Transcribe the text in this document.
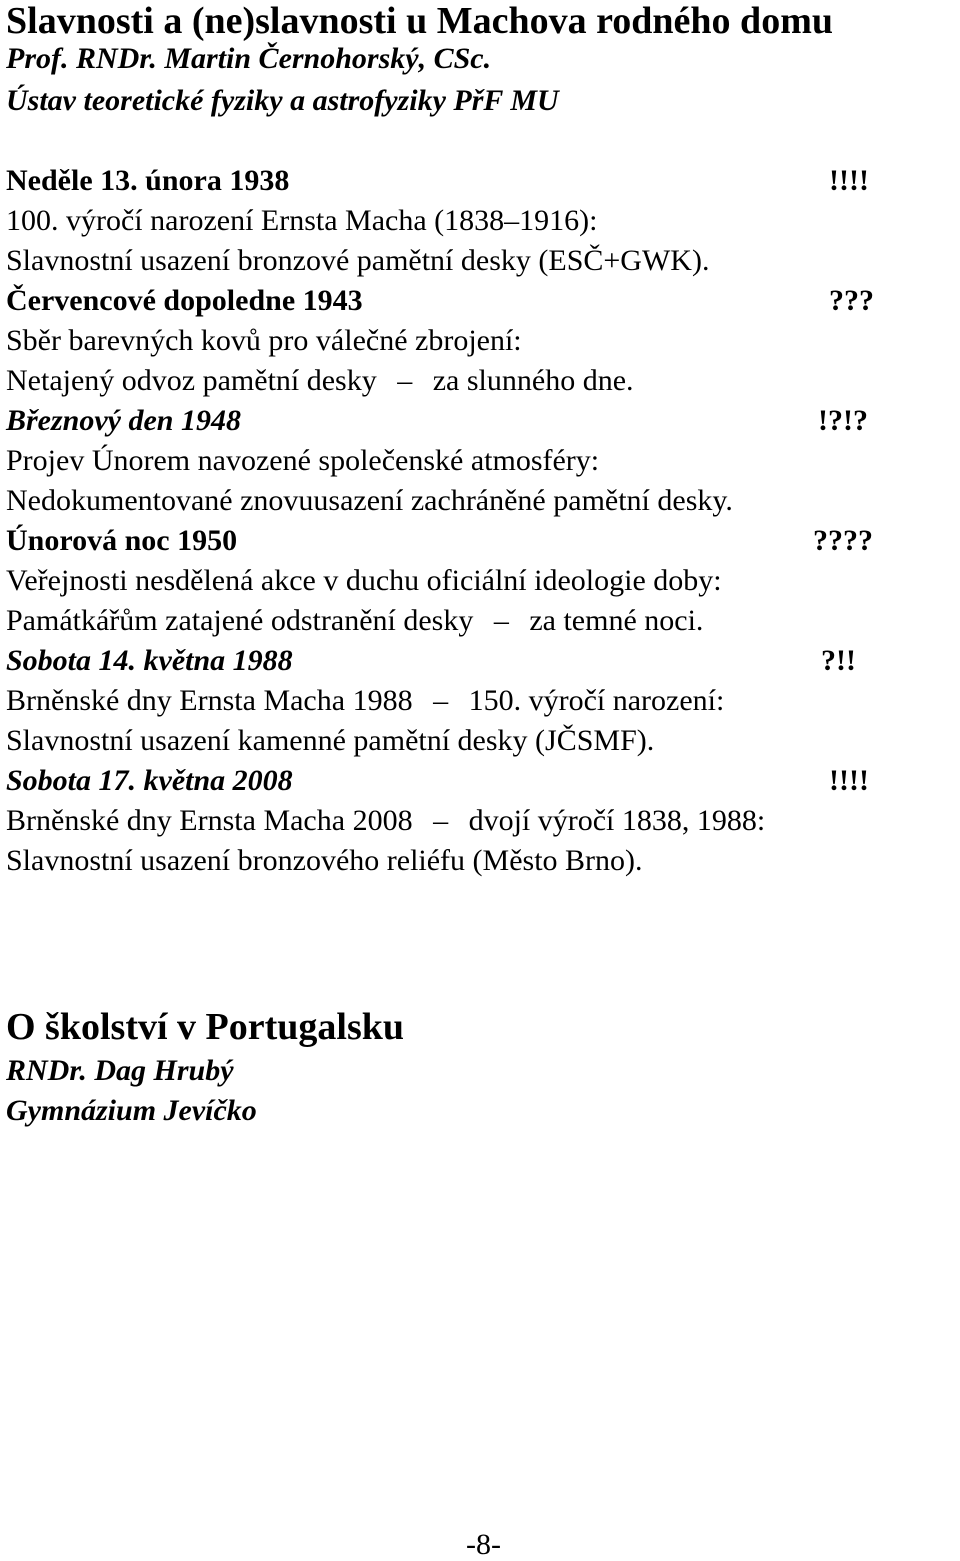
Slavnosti a (ne)slavnosti u Machova rodného domu
Prof. RNDr. Martin Černohorský, CSc.
Ústav teoretické fyziky a astrofyziky PřF MU
Neděle 13. února 1938	!!!!
100. výročí narození Ernsta Macha (1838–1916):
Slavnostní usazení bronzové pamětní desky (ESČ+GWK).
Červencové dopoledne 1943	???
Sběr barevných kovů pro válečné zbrojení:
Netajený odvoz pamětní desky – za slunného dne.
Březnový den 1948	!?!?
Projev Únorem navozené společenské atmosféry:
Nedokumentované znovuusazení zachráněné pamětní desky.
Únorová noc 1950	????
Veřejnosti nesdělená akce v duchu oficiální ideologie doby:
Památkářům zatajené odstranění desky – za temné noci.
Sobota 14. května 1988	?!!
Brněnské dny Ernsta Macha 1988 – 150. výročí narození:
Slavnostní usazení kamenné pamětní desky (JČSMF).
Sobota 17. května 2008	!!!!
Brněnské dny Ernsta Macha 2008 – dvojí výročí 1838, 1988:
Slavnostní usazení bronzového reliéfu (Město Brno).
O školství v Portugalsku
RNDr. Dag Hrubý
Gymnázium Jevíčko
-8-
